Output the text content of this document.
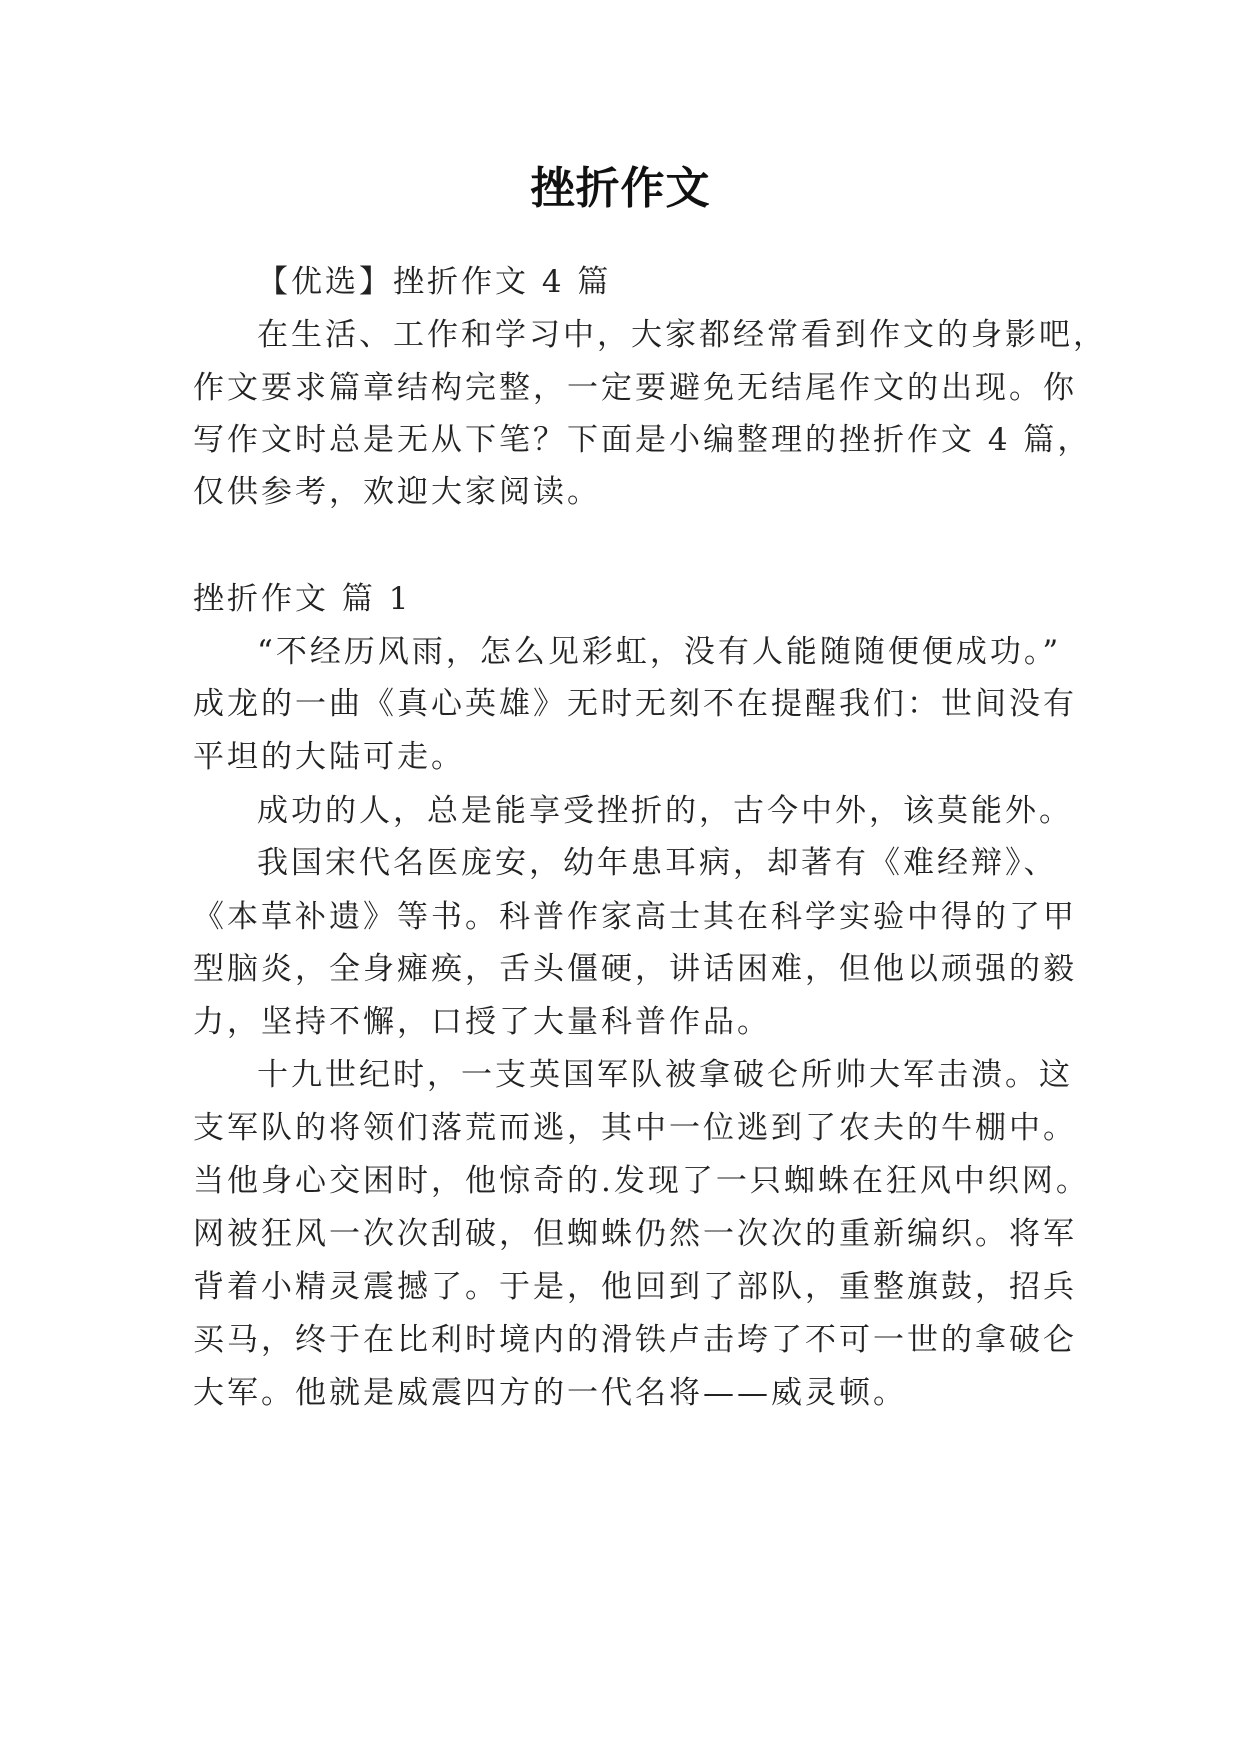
挫折作文
【优选】挫折作文 4 篇
在生活、工作和学习中，大家都经常看到作文的身影吧，
作文要求篇章结构完整，一定要避免无结尾作文的出现。你
写作文时总是无从下笔？下面是小编整理的挫折作文 4 篇，
仅供参考，欢迎大家阅读。
挫折作文 篇 1
“不经历风雨，怎么见彩虹，没有人能随随便便成功。”
成龙的一曲《真心英雄》无时无刻不在提醒我们：世间没有
平坦的大陆可走。
成功的人，总是能享受挫折的，古今中外，该莫能外。
我国宋代名医庞安，幼年患耳病，却著有《难经辩》、
《本草补遗》等书。科普作家高士其在科学实验中得的了甲
型脑炎，全身瘫痪，舌头僵硬，讲话困难，但他以顽强的毅
力，坚持不懈，口授了大量科普作品。
十九世纪时，一支英国军队被拿破仑所帅大军击溃。这
支军队的将领们落荒而逃，其中一位逃到了农夫的牛棚中。
当他身心交困时，他惊奇的.发现了一只蜘蛛在狂风中织网。
网被狂风一次次刮破，但蜘蛛仍然一次次的重新编织。将军
背着小精灵震撼了。于是，他回到了部队，重整旗鼓，招兵
买马，终于在比利时境内的滑铁卢击垮了不可一世的拿破仑
大军。他就是威震四方的一代名将——威灵顿。
